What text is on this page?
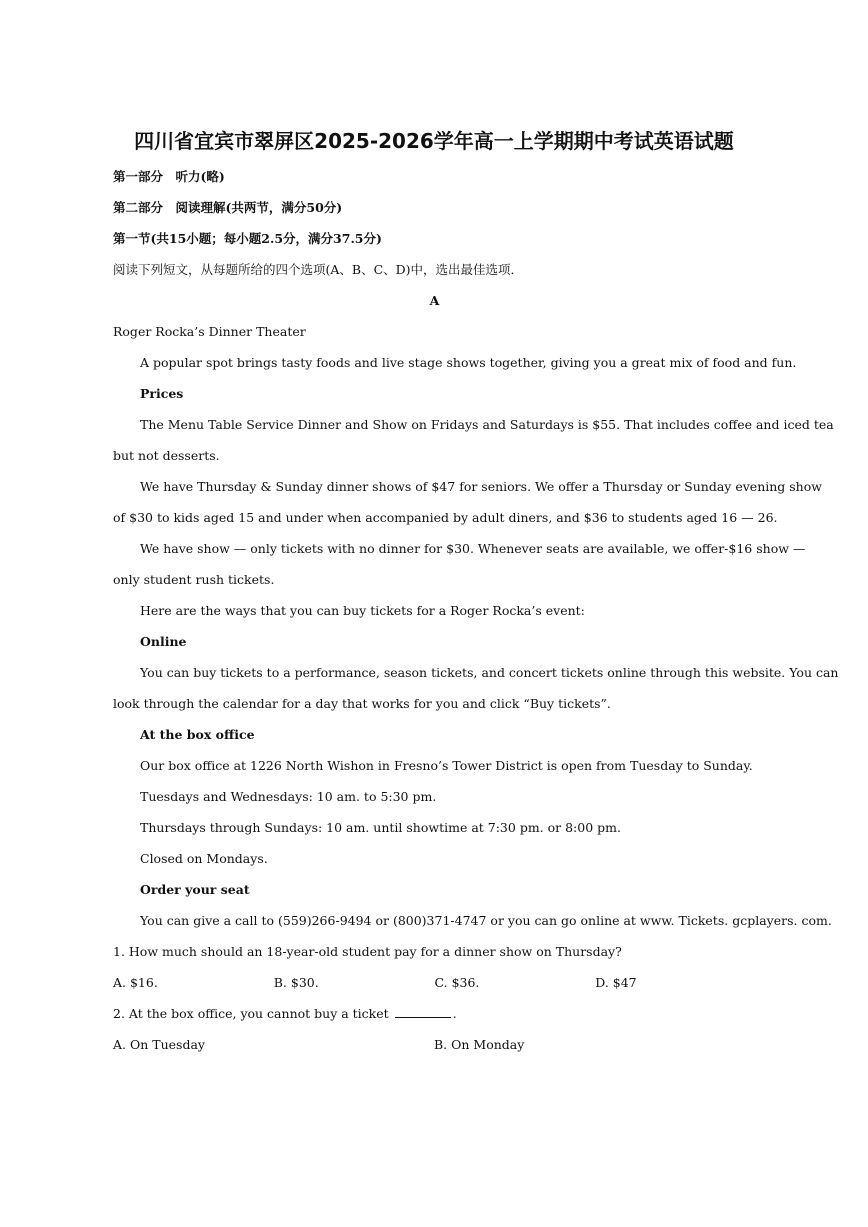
四川省宜宾市翠屏区2025-2026学年高一上学期期中考试英语试题
第一部分　听力(略)
第二部分　阅读理解(共两节，满分50分)
第一节(共15小题；每小题2.5分，满分37.5分)
阅读下列短文，从每题所给的四个选项(A、B、C、D)中，选出最佳选项．
A
Roger Rocka’s Dinner Theater
A popular spot brings tasty foods and live stage shows together, giving you a great mix of food and fun.
Prices
The Menu Table Service Dinner and Show on Fridays and Saturdays is $55. That includes coffee and iced tea
but not desserts.
We have Thursday & Sunday dinner shows of $47 for seniors. We offer a Thursday or Sunday evening show
of $30 to kids aged 15 and under when accompanied by adult diners, and $36 to students aged 16 — 26.
We have show — only tickets with no dinner for $30. Whenever seats are available, we offer-$16 show —
only student rush tickets.
Here are the ways that you can buy tickets for a Roger Rocka’s event:
Online
You can buy tickets to a performance, season tickets, and concert tickets online through this website. You can
look through the calendar for a day that works for you and click “Buy tickets”.
At the box office
Our box office at 1226 North Wishon in Fresno’s Tower District is open from Tuesday to Sunday.
Tuesdays and Wednesdays: 10 am. to 5:30 pm.
Thursdays through Sundays: 10 am. until showtime at 7:30 pm. or 8:00 pm.
Closed on Mondays.
Order your seat
You can give a call to (559)266-9494 or (800)371-4747 or you can go online at www. Tickets. gcplayers. com.
1. How much should an 18-year-old student pay for a dinner show on Thursday?
A. $16.	B. $30.	C. $36.	D. $47
2. At the box office, you cannot buy a ticket	.
A. On Tuesday	B. On Monday
